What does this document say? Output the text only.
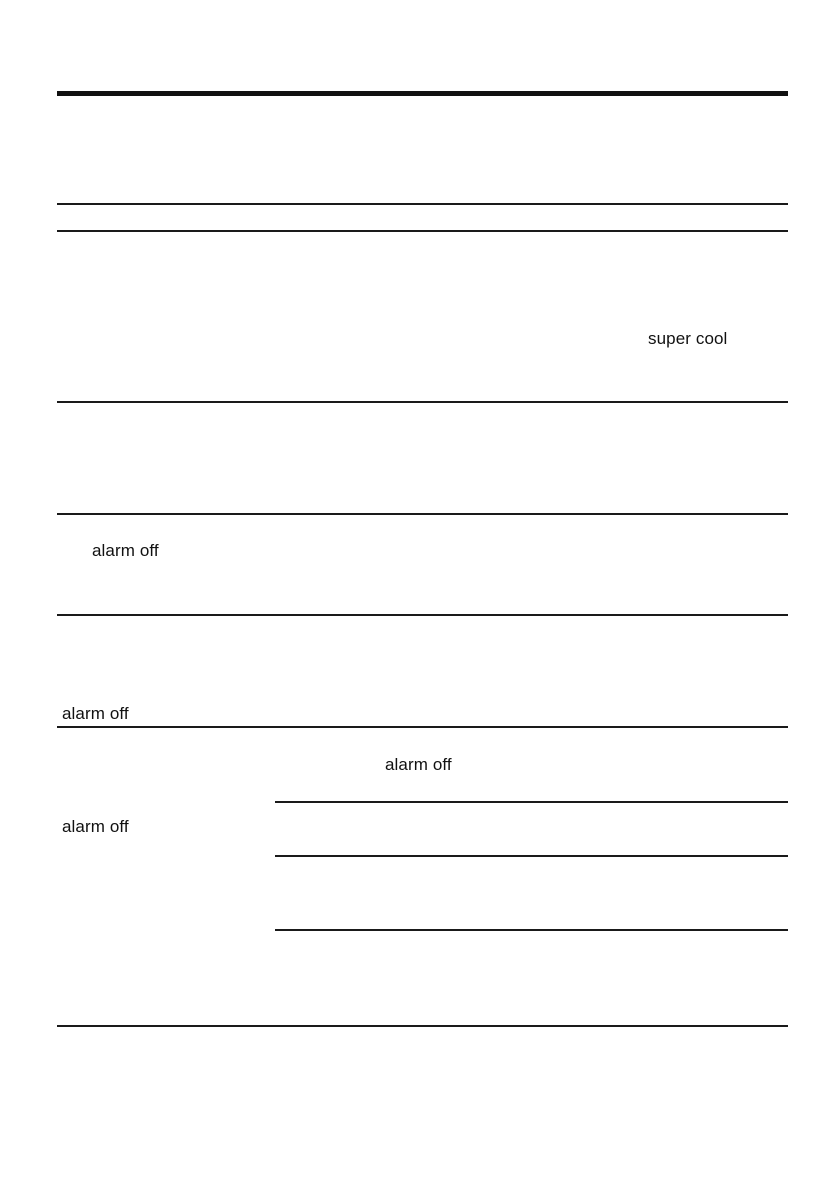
super cool
alarm off
alarm off
alarm off
alarm off
